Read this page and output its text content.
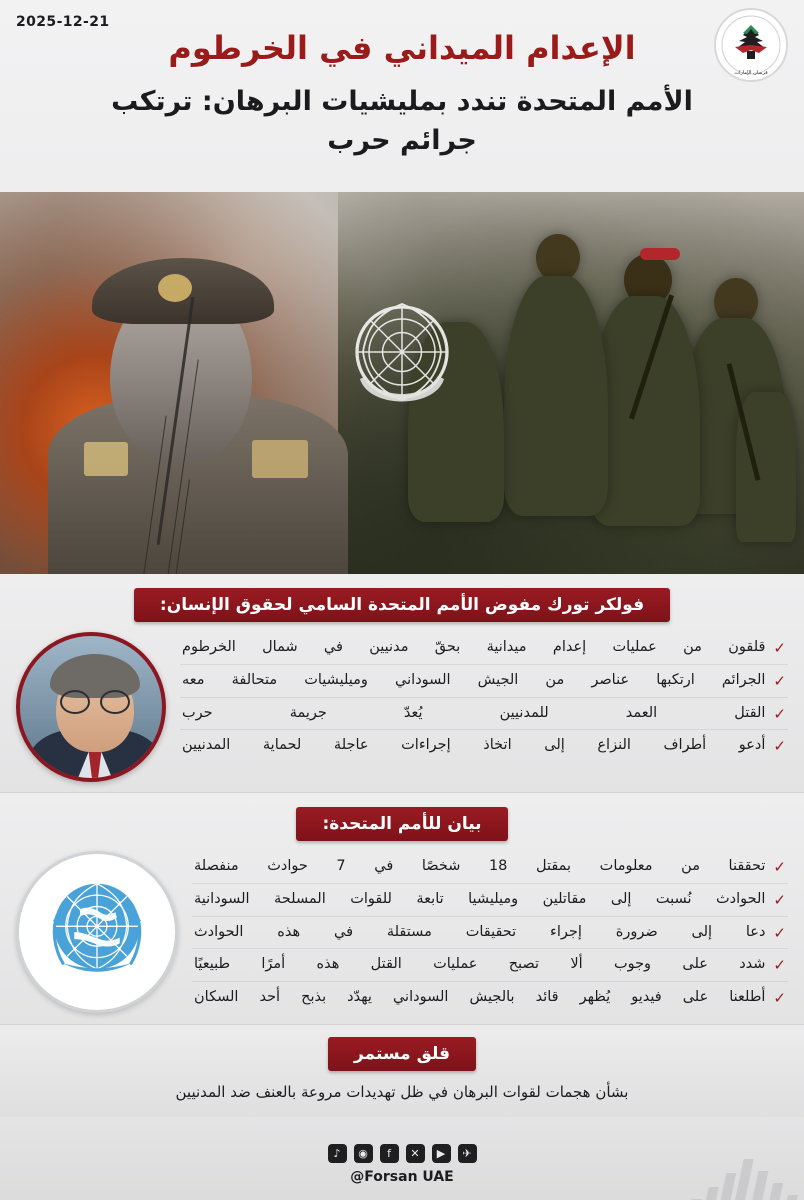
2025-12-21
فرسان الإمارات
الإعدام الميداني في الخرطوم
الأمم المتحدة تندد بمليشيات البرهان: ترتكب جرائم حرب
فولكر تورك مفوض الأمم المتحدة السامي لحقوق الإنسان:
✓
قلقون من عمليات إعدام ميدانية بحقّ مدنيين في شمال الخرطوم
✓
الجرائم ارتكبها عناصر من الجيش السوداني وميليشيات متحالفة معه
✓
القتل العمد للمدنيين يُعدّ جريمة حرب
✓
أدعو أطراف النزاع إلى اتخاذ إجراءات عاجلة لحماية المدنيين
بيان للأمم المتحدة:
✓
تحققنا من معلومات بمقتل 18 شخصًا في 7 حوادث منفصلة
✓
الحوادث نُسبت إلى مقاتلين وميليشيا تابعة للقوات المسلحة السودانية
✓
دعا إلى ضرورة إجراء تحقيقات مستقلة في هذه الحوادث
✓
شدد على وجوب ألا تصبح عمليات القتل هذه أمرًا طبيعيًا
✓
أطلعنا على فيديو يُظهر قائد بالجيش السوداني يهدّد بذبح أحد السكان
قلق مستمر
بشأن هجمات لقوات البرهان في ظل تهديدات مروعة بالعنف ضد المدنيين
✈
▶
✕
f
◉
♪
@Forsan UAE
